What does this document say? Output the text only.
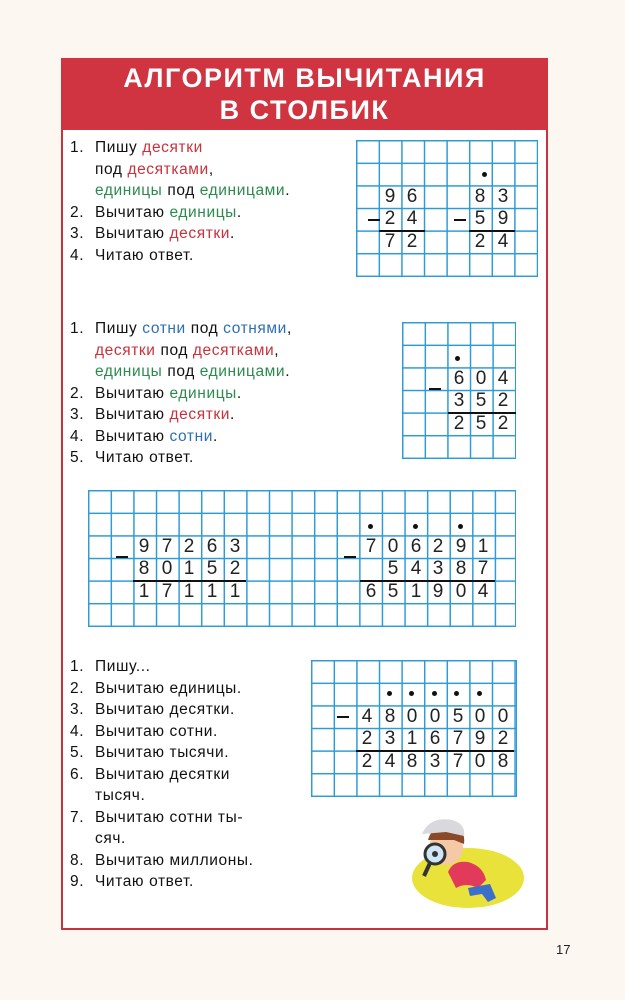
АЛГОРИТМ ВЫЧИТАНИЯ
В СТОЛБИК
1. Пишу десятки
под десятками,
единицы под единицами.
2. Вычитаю единицы.
3. Вычитаю десятки.
4. Читаю ответ.
9 6
2 4
7 2
8 3
5 9
2 4
1. Пишу сотни под сотнями,
десятки под десятками,
единицы под единицами.
2. Вычитаю единицы.
3. Вычитаю десятки.
4. Вычитаю сотни.
5. Читаю ответ.
6 0 4
3 5 2
2 5 2
9 7 2 6 3
8 0 1 5 2
1 7 1 1 1
7 0 6 2 9 1
5 4 3 8 7
6 5 1 9 0 4
1. Пишу...
2. Вычитаю единицы.
3. Вычитаю десятки.
4. Вычитаю сотни.
5. Вычитаю тысячи.
6. Вычитаю десятки
тысяч.
7. Вычитаю сотни ты-
сяч.
8. Вычитаю миллионы.
9. Читаю ответ.
4 8 0 0 5 0 0
2 3 1 6 7 9 2
2 4 8 3 7 0 8
17
